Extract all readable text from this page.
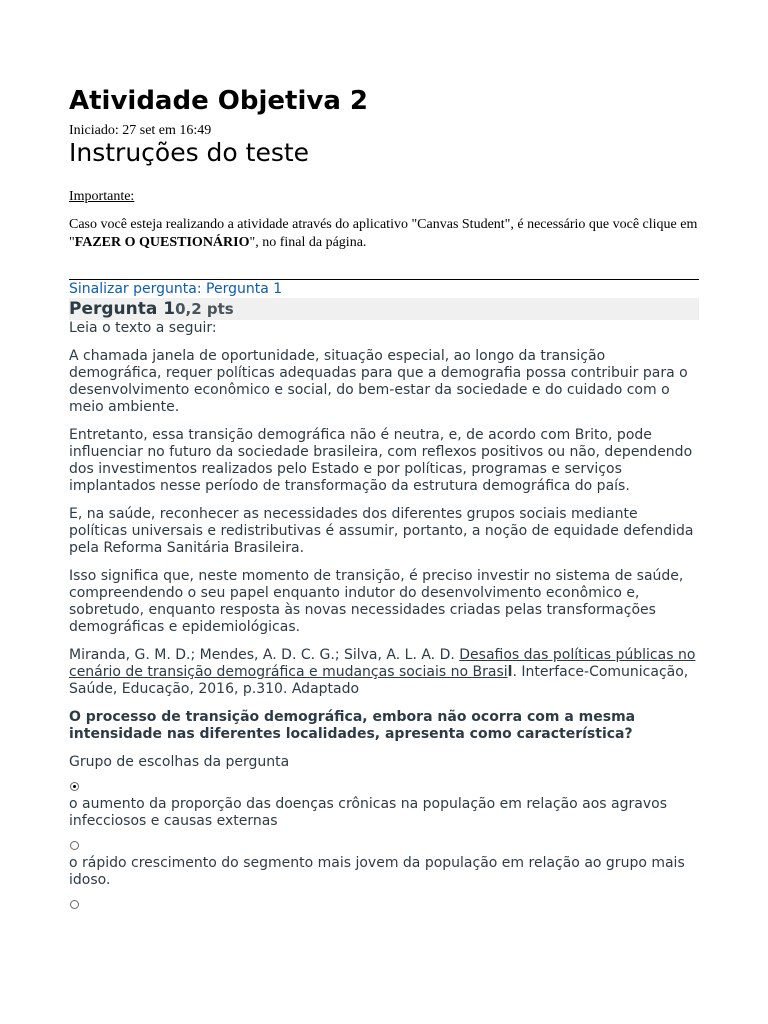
Atividade Objetiva 2
Iniciado: 27 set em 16:49
Instruções do teste
Importante:
Caso você esteja realizando a atividade através do aplicativo "Canvas Student", é necessário que você clique em "FAZER O QUESTIONÁRIO", no final da página.
Sinalizar pergunta: Pergunta 1
Pergunta 10,2 pts

Leia o texto a seguir:

A chamada janela de oportunidade, situação especial, ao longo da transição demográfica, requer políticas adequadas para que a demografia possa contribuir para o desenvolvimento econômico e social, do bem-estar da sociedade e do cuidado com o meio ambiente.

Entretanto, essa transição demográfica não é neutra, e, de acordo com Brito, pode influenciar no futuro da sociedade brasileira, com reflexos positivos ou não, dependendo dos investimentos realizados pelo Estado e por políticas, programas e serviços implantados nesse período de transformação da estrutura demográfica do país.

E, na saúde, reconhecer as necessidades dos diferentes grupos sociais mediante políticas universais e redistributivas é assumir, portanto, a noção de equidade defendida pela Reforma Sanitária Brasileira.

Isso significa que, neste momento de transição, é preciso investir no sistema de saúde, compreendendo o seu papel enquanto indutor do desenvolvimento econômico e, sobretudo, enquanto resposta às novas necessidades criadas pelas transformações demográficas e epidemiológicas.

Miranda, G. M. D.; Mendes, A. D. C. G.; Silva, A. L. A. D. Desafios das políticas públicas no cenário de transição demográfica e mudanças sociais no Brasil. Interface-Comunicação, Saúde, Educação, 2016, p.310. Adaptado

O processo de transição demográfica, embora não ocorra com a mesma intensidade nas diferentes localidades, apresenta como característica?

Grupo de escolhas da pergunta

o aumento da proporção das doenças crônicas na população em relação aos agravos infecciosos e causas externas

o rápido crescimento do segmento mais jovem da população em relação ao grupo mais idoso.
